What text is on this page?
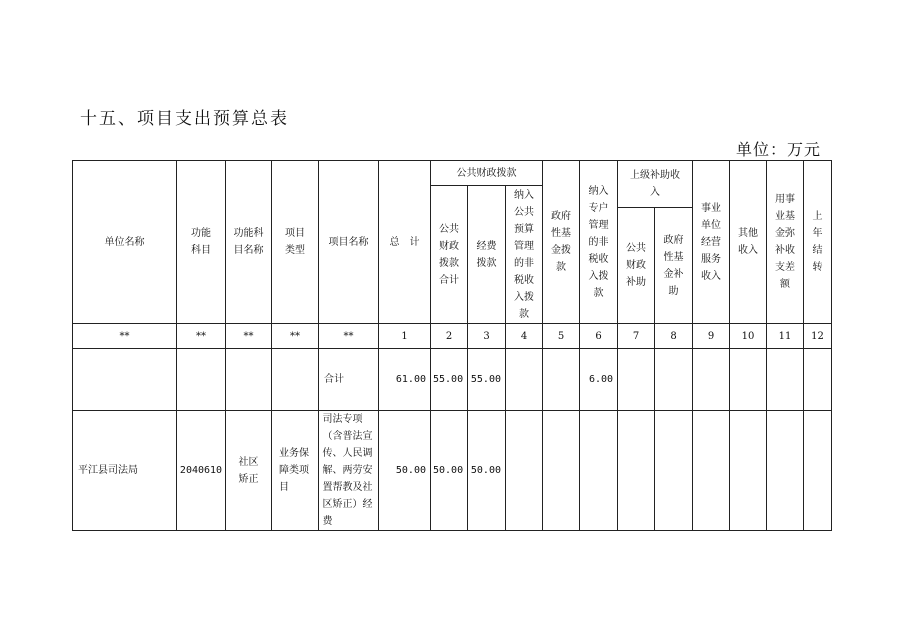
十五、项目支出预算总表
单位：万元
单位名称	功能科目	功能科目名称	项目类型	项目名称	总　计	公共财政拨款			政府性基金拨款	纳入专户管理的非税收入拨款	上级补助收入		事业单位经营服务收入	其他收入	用事业基金弥补收支差额	上年结转
						公共财政拨款合计	经费拨款	纳入公共预算管理的非税收入拨款								
											公共财政补助	政府性基金补助				
**	**	**	**	**	1	2	3	4	5	6	7	8	9	10	11	12
				合计	61.00	55.00	55.00			6.00						
平江县司法局	2040610	社区矫正	业务保障类项目	司法专项（含普法宣传、人民调解、两劳安置帮教及社区矫正）经费	50.00	50.00	50.00									
